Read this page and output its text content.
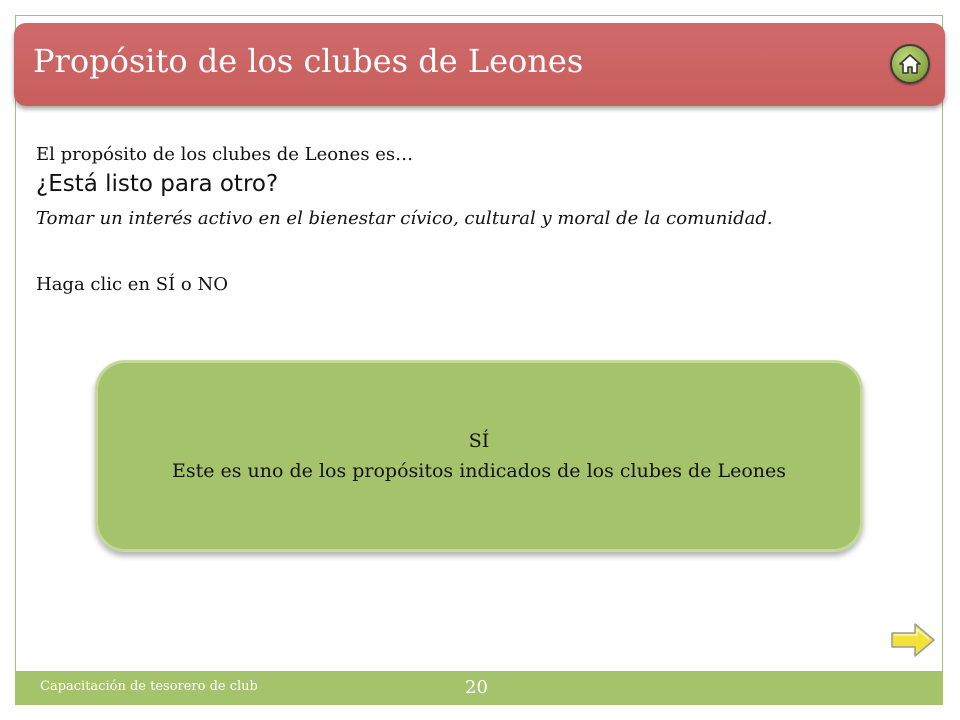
Propósito de los clubes de Leones
El propósito de los clubes de Leones es…
¿Está listo para otro?
Tomar un interés activo en el bienestar cívico, cultural y moral de la comunidad.
Haga clic en SÍ o NO
SÍ
Este es uno de los propósitos indicados de los clubes de Leones
Capacitación de tesorero de club	20
